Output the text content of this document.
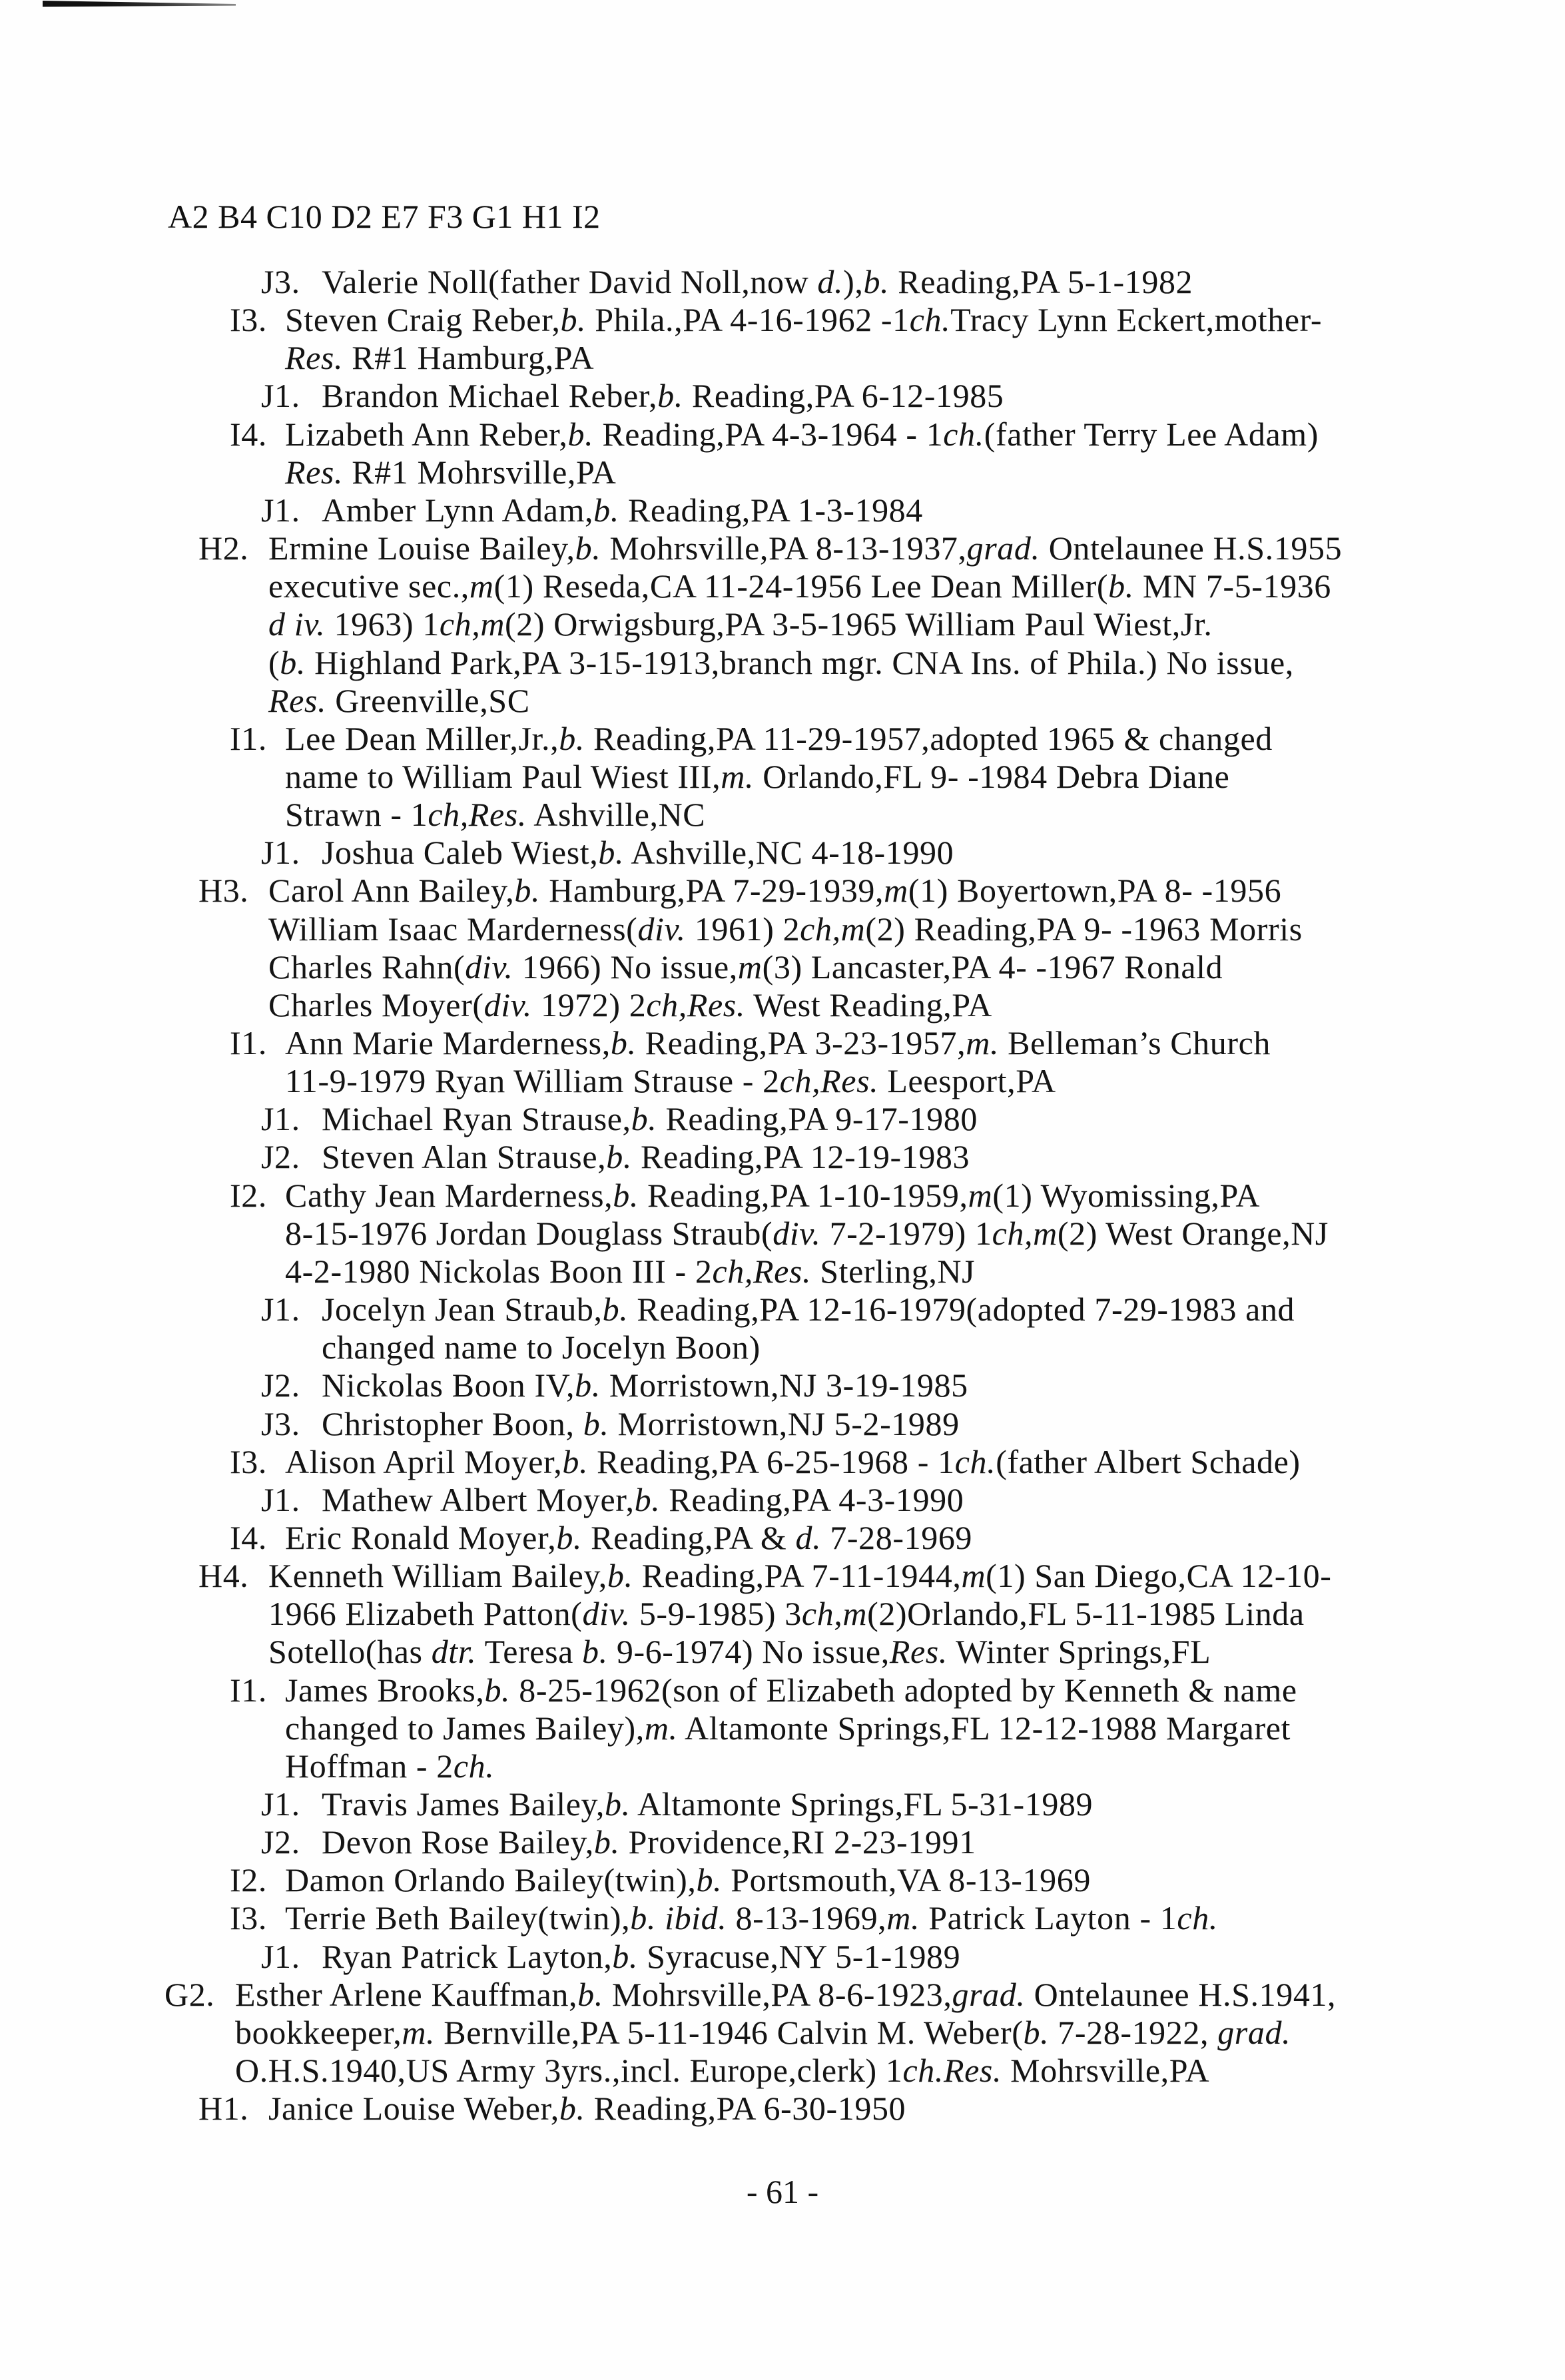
A2 B4 C10 D2 E7 F3 G1 H1 I2
J3. Valerie Noll(father David Noll,now d.),b. Reading,PA 5-1-1982
I3. Steven Craig Reber,b. Phila.,PA 4-16-1962 -1ch.Tracy Lynn Eckert,mother-
Res. R#1 Hamburg,PA
J1. Brandon Michael Reber,b. Reading,PA 6-12-1985
I4. Lizabeth Ann Reber,b. Reading,PA 4-3-1964 - 1ch.(father Terry Lee Adam)
Res. R#1 Mohrsville,PA
J1. Amber Lynn Adam,b. Reading,PA 1-3-1984
H2. Ermine Louise Bailey,b. Mohrsville,PA 8-13-1937,grad. Ontelaunee H.S.1955
executive sec.,m(1) Reseda,CA 11-24-1956 Lee Dean Miller(b. MN 7-5-1936
d iv. 1963) 1ch,m(2) Orwigsburg,PA 3-5-1965 William Paul Wiest,Jr.
(b. Highland Park,PA 3-15-1913,branch mgr. CNA Ins. of Phila.) No issue,
Res. Greenville,SC
I1. Lee Dean Miller,Jr.,b. Reading,PA 11-29-1957,adopted 1965 & changed
name to William Paul Wiest III,m. Orlando,FL 9- -1984 Debra Diane
Strawn - 1ch,Res. Ashville,NC
J1. Joshua Caleb Wiest,b. Ashville,NC 4-18-1990
H3. Carol Ann Bailey,b. Hamburg,PA 7-29-1939,m(1) Boyertown,PA 8- -1956
William Isaac Marderness(div. 1961) 2ch,m(2) Reading,PA 9- -1963 Morris
Charles Rahn(div. 1966) No issue,m(3) Lancaster,PA 4- -1967 Ronald
Charles Moyer(div. 1972) 2ch,Res. West Reading,PA
I1. Ann Marie Marderness,b. Reading,PA 3-23-1957,m. Belleman’s Church
11-9-1979 Ryan William Strause - 2ch,Res. Leesport,PA
J1. Michael Ryan Strause,b. Reading,PA 9-17-1980
J2. Steven Alan Strause,b. Reading,PA 12-19-1983
I2. Cathy Jean Marderness,b. Reading,PA 1-10-1959,m(1) Wyomissing,PA
8-15-1976 Jordan Douglass Straub(div. 7-2-1979) 1ch,m(2) West Orange,NJ
4-2-1980 Nickolas Boon III - 2ch,Res. Sterling,NJ
J1. Jocelyn Jean Straub,b. Reading,PA 12-16-1979(adopted 7-29-1983 and
changed name to Jocelyn Boon)
J2. Nickolas Boon IV,b. Morristown,NJ 3-19-1985
J3. Christopher Boon, b. Morristown,NJ 5-2-1989
I3. Alison April Moyer,b. Reading,PA 6-25-1968 - 1ch.(father Albert Schade)
J1. Mathew Albert Moyer,b. Reading,PA 4-3-1990
I4. Eric Ronald Moyer,b. Reading,PA & d. 7-28-1969
H4. Kenneth William Bailey,b. Reading,PA 7-11-1944,m(1) San Diego,CA 12-10-
1966 Elizabeth Patton(div. 5-9-1985) 3ch,m(2)Orlando,FL 5-11-1985 Linda
Sotello(has dtr. Teresa b. 9-6-1974) No issue,Res. Winter Springs,FL
I1. James Brooks,b. 8-25-1962(son of Elizabeth adopted by Kenneth & name
changed to James Bailey),m. Altamonte Springs,FL 12-12-1988 Margaret
Hoffman - 2ch.
J1. Travis James Bailey,b. Altamonte Springs,FL 5-31-1989
J2. Devon Rose Bailey,b. Providence,RI 2-23-1991
I2. Damon Orlando Bailey(twin),b. Portsmouth,VA 8-13-1969
I3. Terrie Beth Bailey(twin),b. ibid. 8-13-1969,m. Patrick Layton - 1ch.
J1. Ryan Patrick Layton,b. Syracuse,NY 5-1-1989
G2. Esther Arlene Kauffman,b. Mohrsville,PA 8-6-1923,grad. Ontelaunee H.S.1941,
bookkeeper,m. Bernville,PA 5-11-1946 Calvin M. Weber(b. 7-28-1922, grad.
O.H.S.1940,US Army 3yrs.,incl. Europe,clerk) 1ch.Res. Mohrsville,PA
H1. Janice Louise Weber,b. Reading,PA 6-30-1950
- 61 -
